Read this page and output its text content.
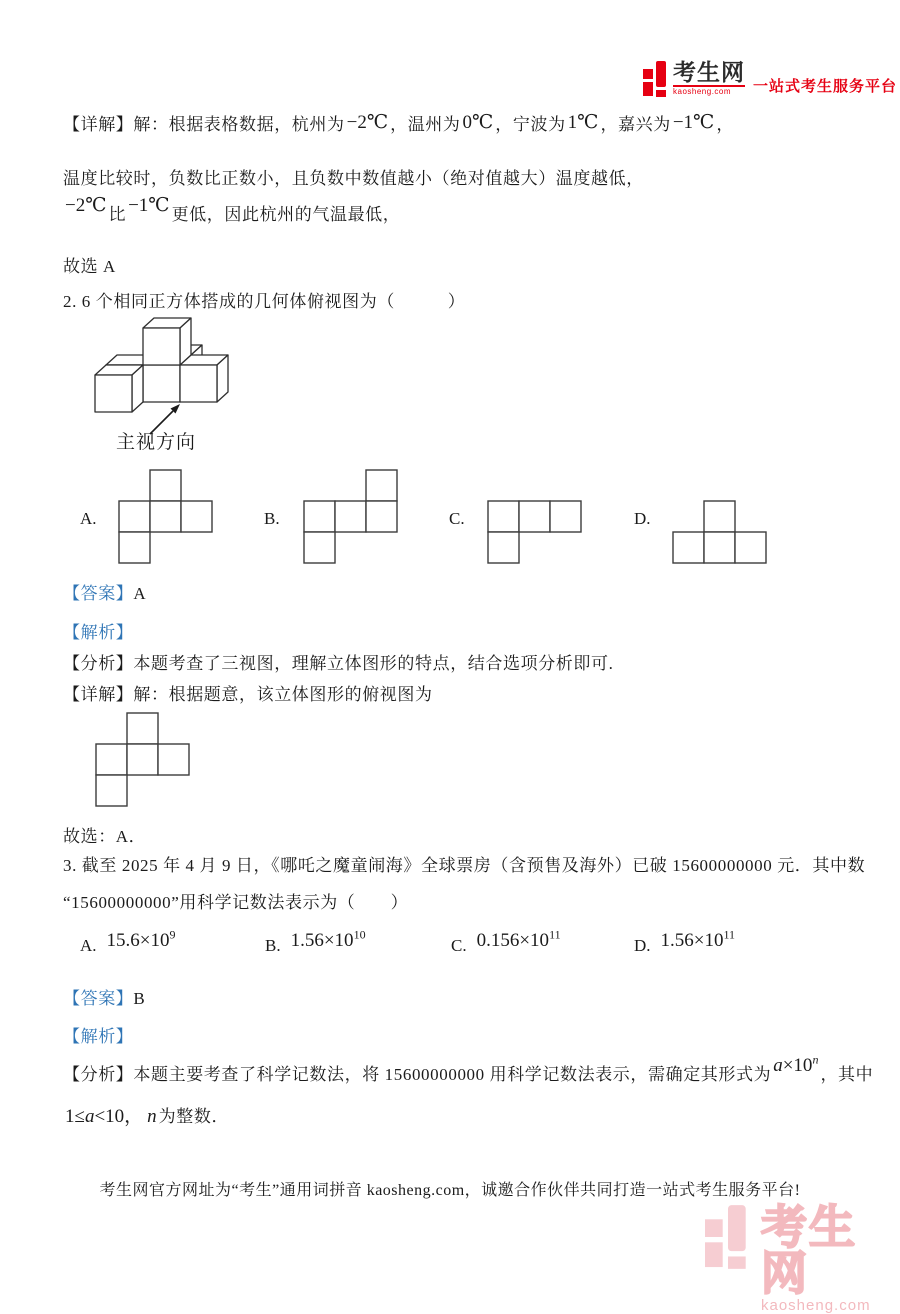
考生网
kaosheng.com	一站式考生服务平台
【详解】解：根据表格数据，杭州为 −2℃ ，温州为 0℃ ，宁波为 1℃ ，嘉兴为 −1℃ ，
温度比较时，负数比正数小，且负数中数值越小（绝对值越大）温度越低，
−2℃ 比 −1℃ 更低，因此杭州的气温最低，
故选 A
2. 6 个相同正方体搭成的几何体俯视图为（　　　）
主视方向
A.	B.	C.	D.
【答案】A
【解析】
【分析】本题考查了三视图，理解立体图形的特点，结合选项分析即可.
【详解】解：根据题意，该立体图形的俯视图为
故选：A．
3. 截至 2025 年 4 月 9 日，《哪吒之魔童闹海》全球票房（含预售及海外）已破 15600000000 元．其中数
“15600000000”用科学记数法表示为（　　）
A. $15.6\times 10^9$
B. $1.56\times 10^{10}$
C. $0.156\times 10^{11}$
D. $1.56\times 10^{11}$
【答案】B
【解析】
【分析】本题主要考查了科学记数法，将 15600000000 用科学记数法表示，需确定其形式为 $a\times 10^n$，其中
1≤a<10， n 为整数．
考生网官方网址为“考生”通用词拼音 kaosheng.com，诚邀合作伙伴共同打造一站式考生服务平台!
考生网
kaosheng.com
